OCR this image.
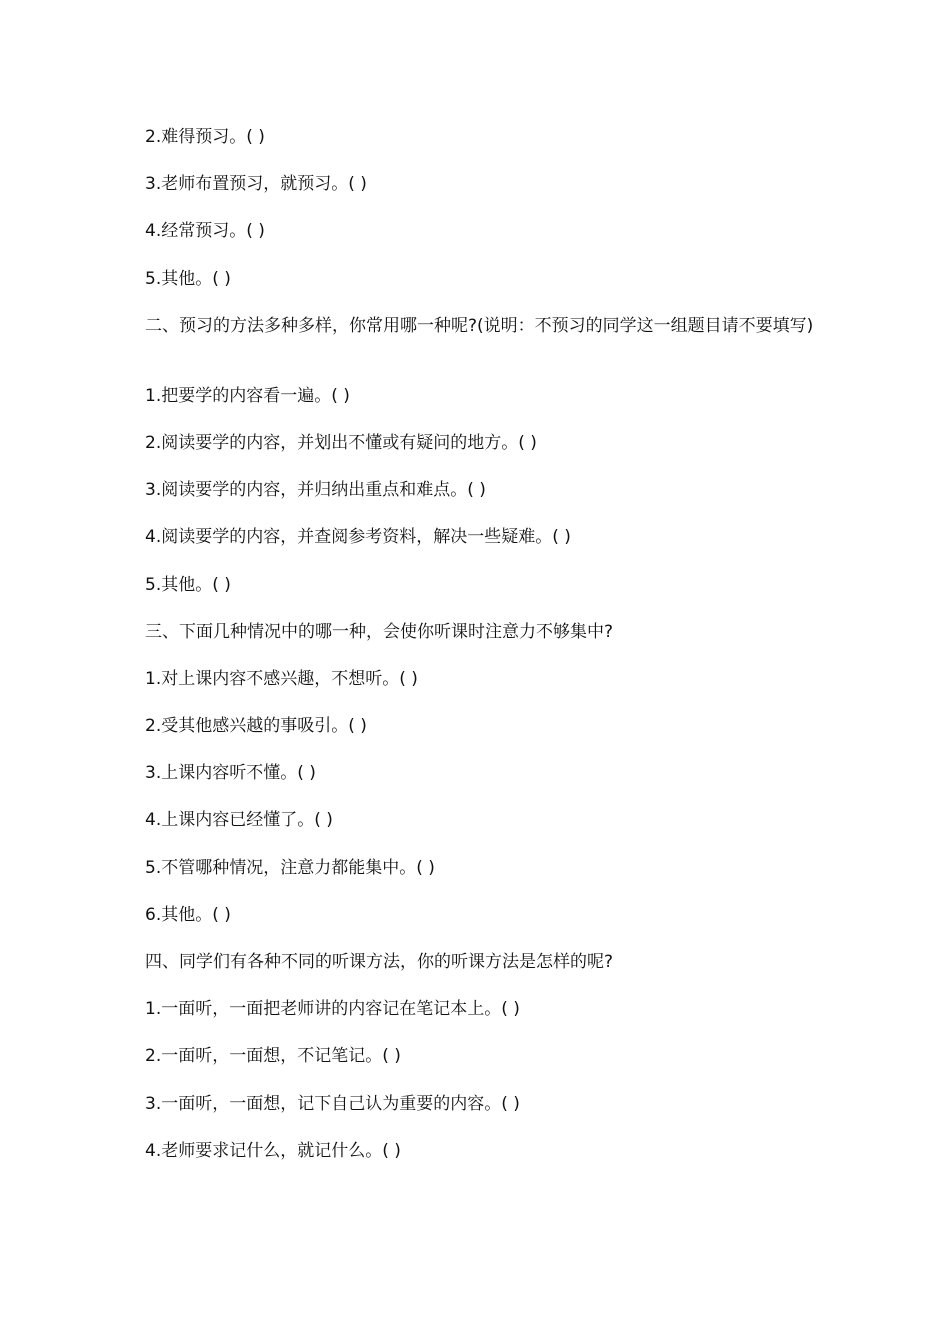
2.难得预习。( )
3.老师布置预习，就预习。( )
4.经常预习。( )
5.其他。( )
二、预习的方法多种多样，你常用哪一种呢?(说明：不预习的同学这一组题目请不要填写)
1.把要学的内容看一遍。( )
2.阅读要学的内容，并划出不懂或有疑问的地方。( )
3.阅读要学的内容，并归纳出重点和难点。( )
4.阅读要学的内容，并查阅参考资料，解决一些疑难。( )
5.其他。( )
三、下面几种情况中的哪一种，会使你听课时注意力不够集中?
1.对上课内容不感兴趣，不想听。( )
2.受其他感兴越的事吸引。( )
3.上课内容听不懂。( )
4.上课内容已经懂了。( )
5.不管哪种情况，注意力都能集中。( )
6.其他。( )
四、同学们有各种不同的听课方法，你的听课方法是怎样的呢?
1.一面听，一面把老师讲的内容记在笔记本上。( )
2.一面听，一面想，不记笔记。( )
3.一面听，一面想，记下自己认为重要的内容。( )
4.老师要求记什么，就记什么。( )
